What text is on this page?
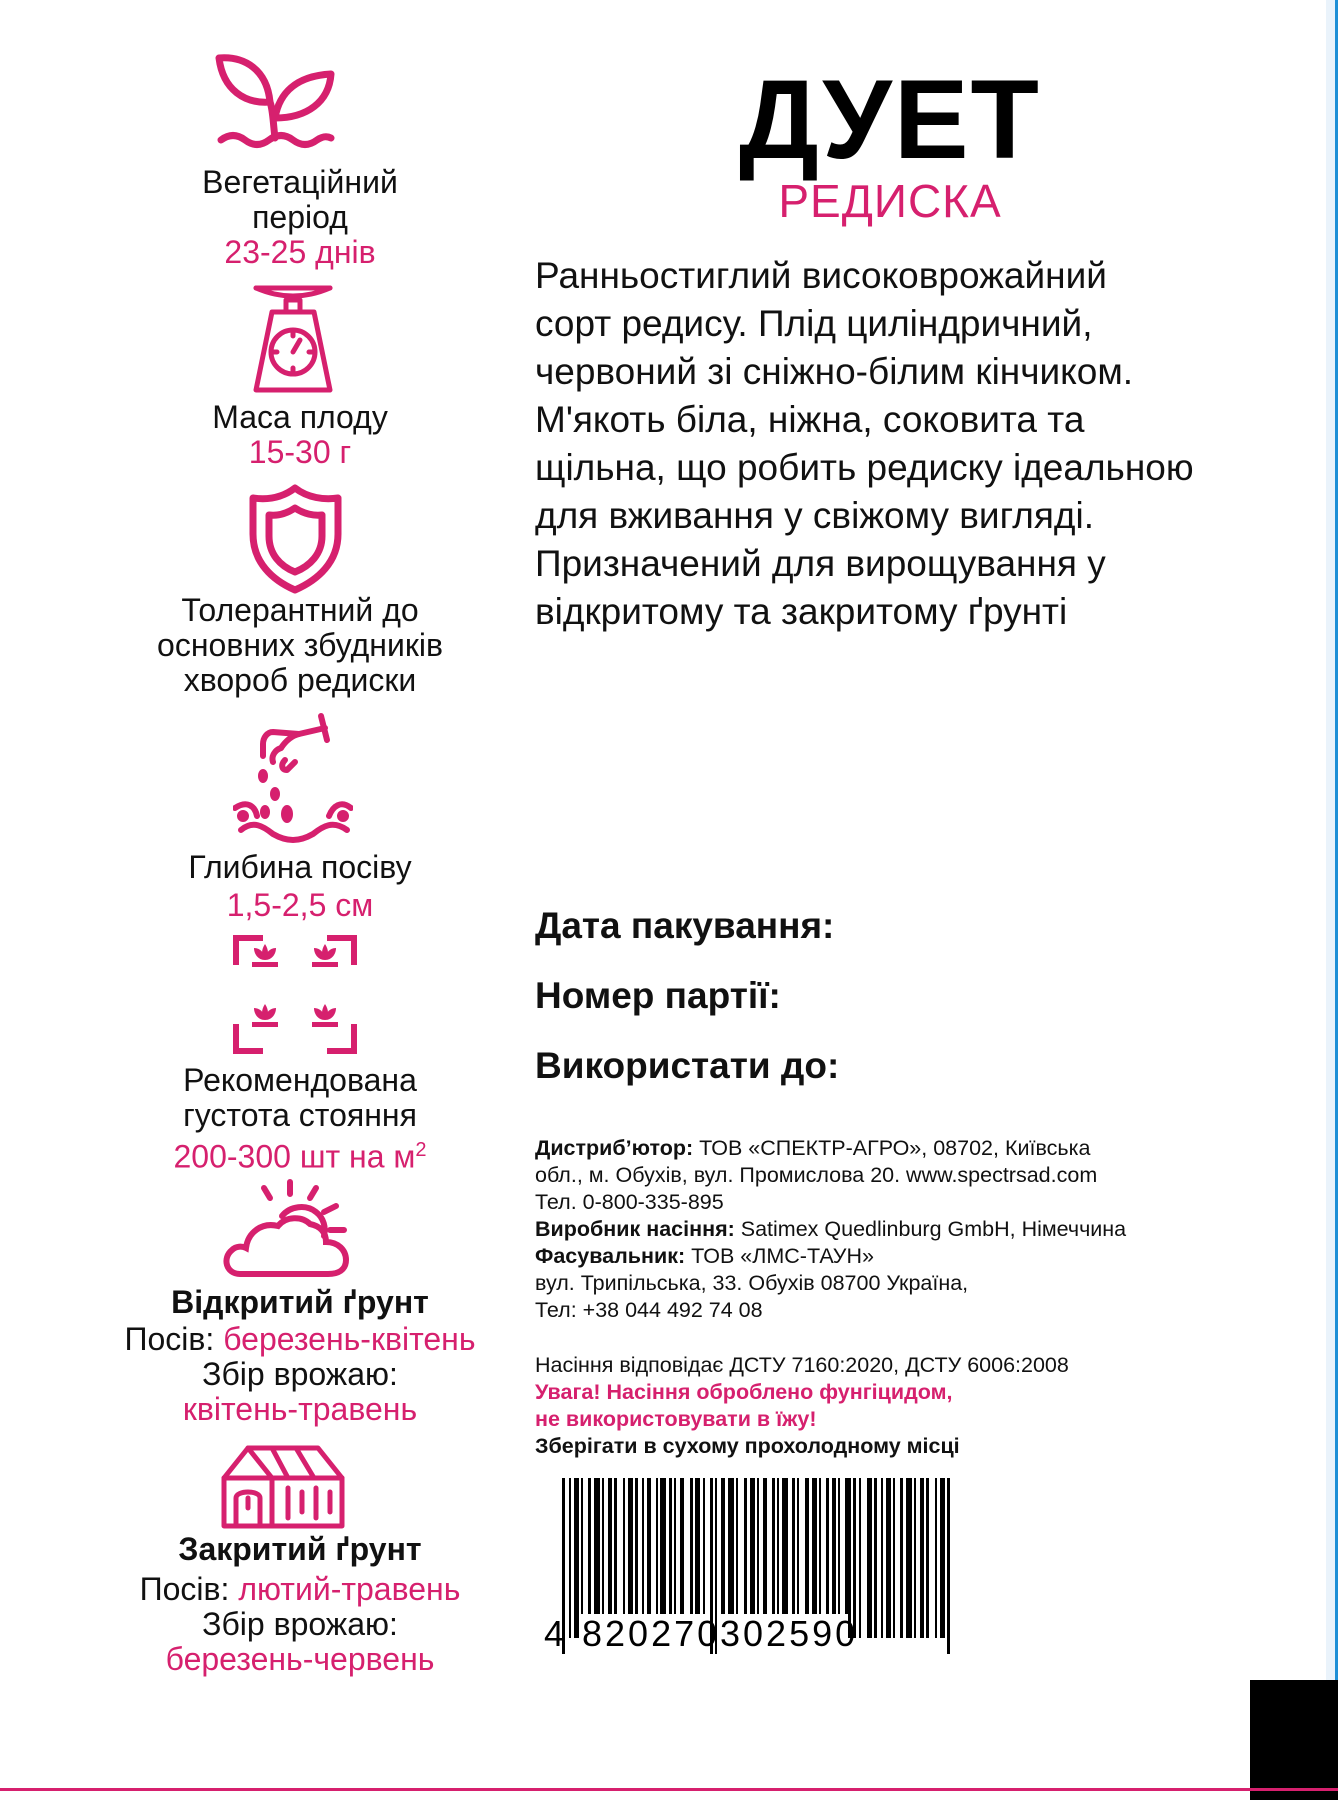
Вегетаційний
період
23-25 днів
Маса плоду
15-30 г
Толерантний до
основних збудників
хвороб редиски
Глибина посіву
1,5-2,5 см
Рекомендована
густота стояння
200-300 шт на $м^2$
Відкритий ґрунт
Посів: березень-квітень
Збір врожаю:
квітень-травень
Закритий ґрунт
Посів: лютий-травень
Збір врожаю:
березень-червень
ДУЕТ
РЕДИСКА
Ранньостиглий високоврожайний
сорт редису. Плід циліндричний,
червоний зі сніжно-білим кінчиком.
М'якоть біла, ніжна, соковита та
щільна, що робить редиску ідеальною
для вживання у свіжому вигляді.
Призначений для вирощування у
відкритому та закритому ґрунті
Дата пакування:
Номер партії:
Використати до:
Дистриб’ютор: ТОВ «СПЕКТР-АГРО», 08702, Київська
обл., м. Обухів, вул. Промислова 20. www.spectrsad.com
Тел. 0-800-335-895
Виробник насіння: Satimex Quedlinburg GmbH, Німеччина
Фасувальник: ТОВ «ЛМС-ТАУН»
вул. Трипільська, 33. Обухів 08700 Україна,
Тел: +38 044 492 74 08
Насіння відповідає ДСТУ 7160:2020, ДСТУ 6006:2008
Увага! Насіння оброблено фунгіцидом,
не використовувати в їжу!
Зберігати в сухому прохолодному місці
4 820270 302590
